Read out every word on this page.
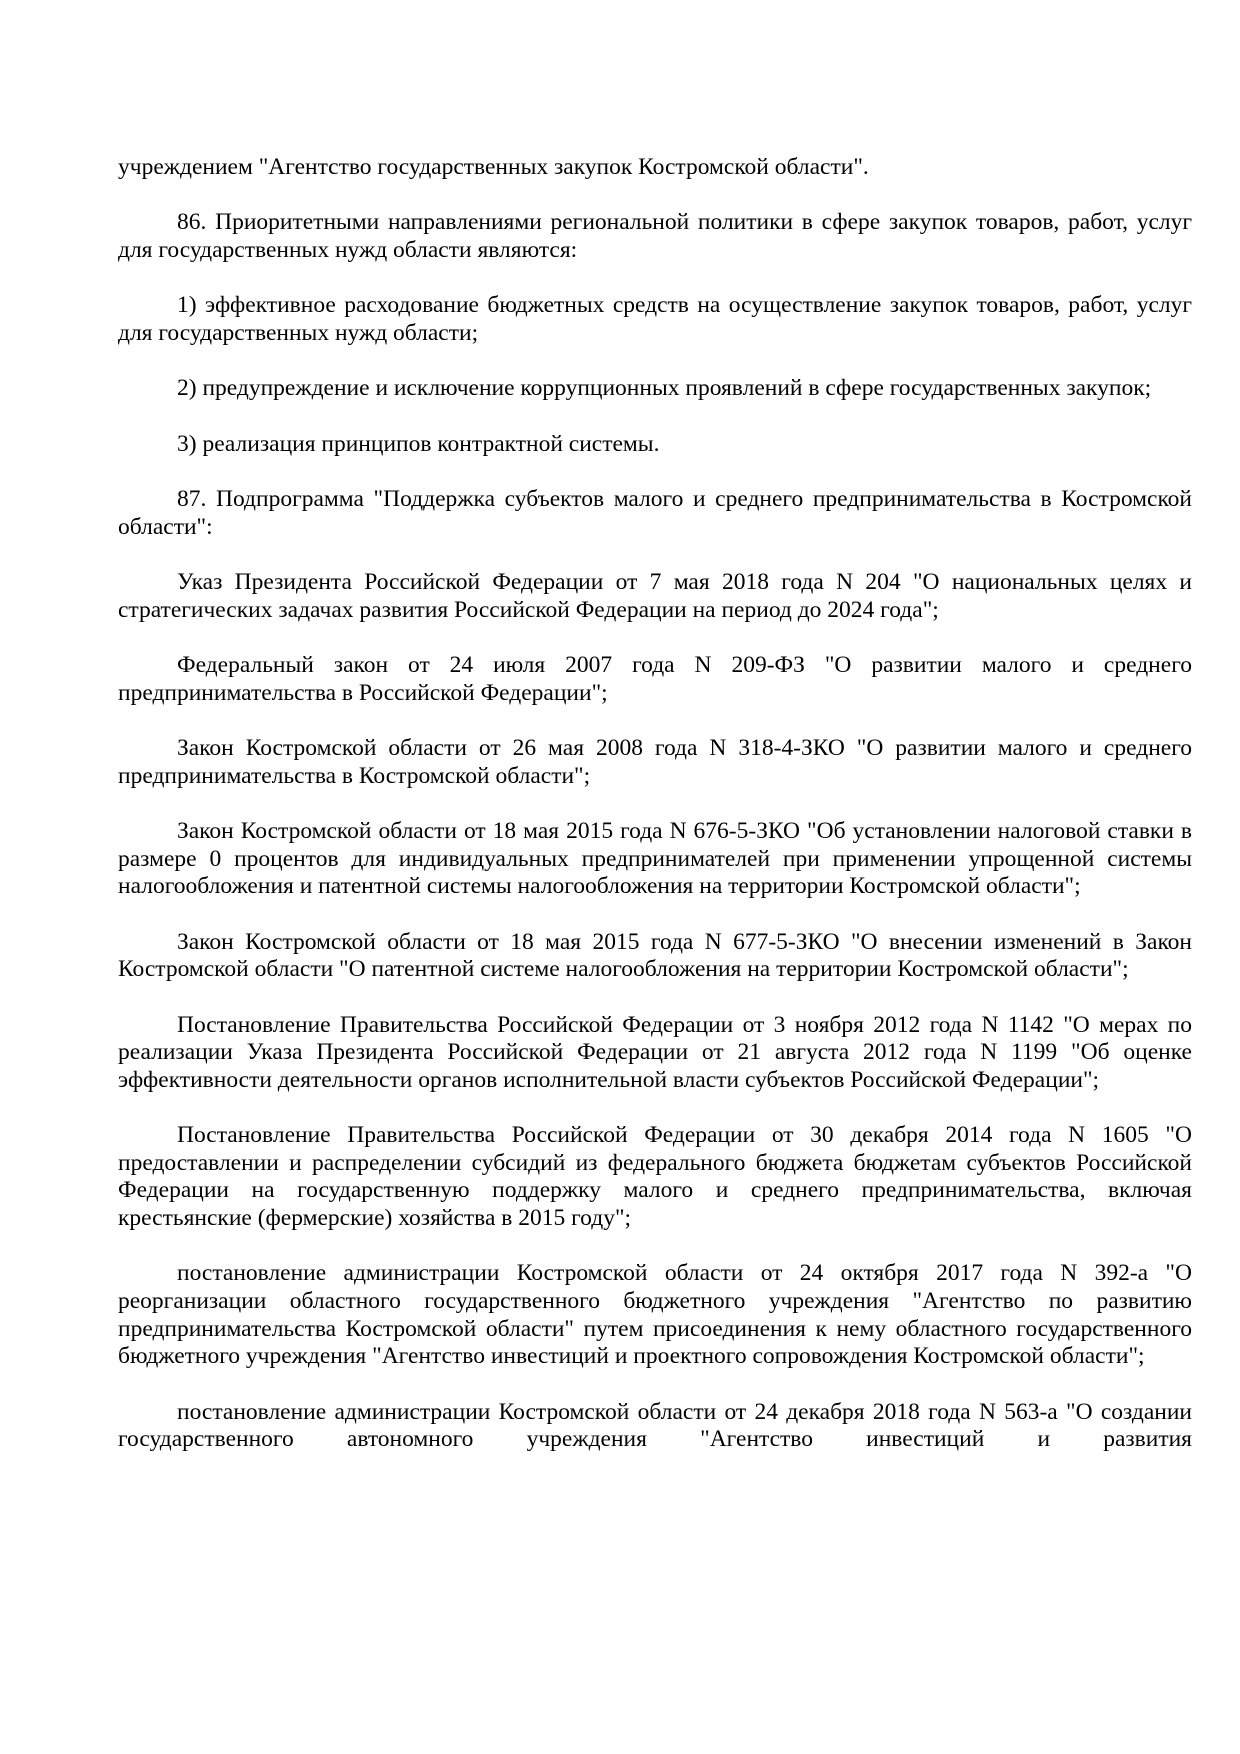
учреждением "Агентство государственных закупок Костромской области".

86. Приоритетными направлениями региональной политики в сфере закупок товаров, работ, услуг для государственных нужд области являются:

1) эффективное расходование бюджетных средств на осуществление закупок товаров, работ, услуг для государственных нужд области;

2) предупреждение и исключение коррупционных проявлений в сфере государственных закупок;

3) реализация принципов контрактной системы.

87. Подпрограмма "Поддержка субъектов малого и среднего предпринимательства в Костромской области":

Указ Президента Российской Федерации от 7 мая 2018 года N 204 "О национальных целях и стратегических задачах развития Российской Федерации на период до 2024 года";

Федеральный закон от 24 июля 2007 года N 209-ФЗ "О развитии малого и среднего предпринимательства в Российской Федерации";

Закон Костромской области от 26 мая 2008 года N 318-4-ЗКО "О развитии малого и среднего предпринимательства в Костромской области";

Закон Костромской области от 18 мая 2015 года N 676-5-ЗКО "Об установлении налоговой ставки в размере 0 процентов для индивидуальных предпринимателей при применении упрощенной системы налогообложения и патентной системы налогообложения на территории Костромской области";

Закон Костромской области от 18 мая 2015 года N 677-5-ЗКО "О внесении изменений в Закон Костромской области "О патентной системе налогообложения на территории Костромской области";

Постановление Правительства Российской Федерации от 3 ноября 2012 года N 1142 "О мерах по реализации Указа Президента Российской Федерации от 21 августа 2012 года N 1199 "Об оценке эффективности деятельности органов исполнительной власти субъектов Российской Федерации";

Постановление Правительства Российской Федерации от 30 декабря 2014 года N 1605 "О предоставлении и распределении субсидий из федерального бюджета бюджетам субъектов Российской Федерации на государственную поддержку малого и среднего предпринимательства, включая крестьянские (фермерские) хозяйства в 2015 году";

постановление администрации Костромской области от 24 октября 2017 года N 392-а "О реорганизации областного государственного бюджетного учреждения "Агентство по развитию предпринимательства Костромской области" путем присоединения к нему областного государственного бюджетного учреждения "Агентство инвестиций и проектного сопровождения Костромской области";

постановление администрации Костромской области от 24 декабря 2018 года N 563-а "О создании государственного автономного учреждения "Агентство инвестиций и развития
